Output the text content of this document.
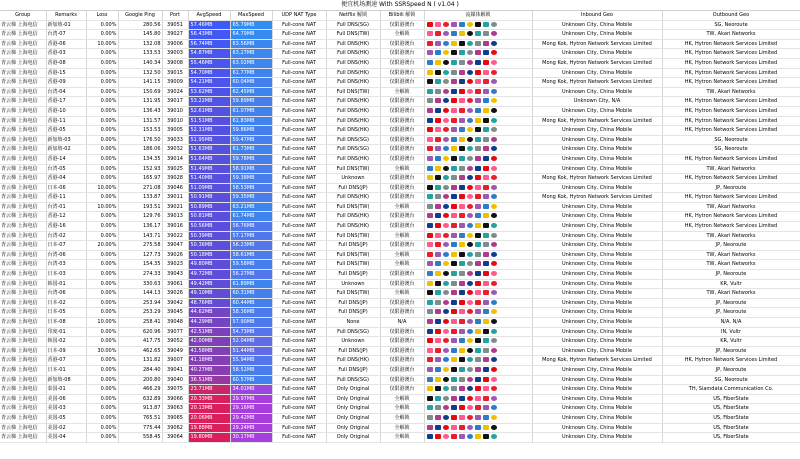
便宜机场测速 With SSRSpeed N ( v1.04 )
Group	Remarks	Loss	Google Ping	Port	AvgSpeed	MaxSpeed	UDP NAT Type	Netflix 解锁	Bilibili 解锁	流媒体解锁	Inbound Geo	Outbound Geo	
青云梯 上海电信	新加坡-01	0.00%	280.56	39051	57.46MB	65.79MB	Full-cone NAT	Full DNS(SG)	仅限港澳台		Unknown City, China Mobile	SG, Neoroute	
青云梯 上海电信	台湾-07	0.00%	145.80	39027	56.43MB	64.79MB	Full-cone NAT	Full DNS(TW)	全解锁		Unknown City, China Mobile	TW, Akari Networks	
青云梯 上海电信	香港-06	10.00%	132.08	39006	56.74MB	63.56MB	Full-cone NAT	Full DNS(HK)	仅限港澳台		Mong Kok, Hytron Network Services Limited	HK, Hytron Network Services Limited	
青云梯 上海电信	香港-03	0.00%	133.53	39003	54.87MB	63.27MB	Full-cone NAT	Full DNS(HK)	仅限港澳台		Unknown City, China Mobile	HK, Hytron Network Services Limited	
青云梯 上海电信	香港-08	0.00%	140.34	39008	55.46MB	63.02MB	Full-cone NAT	Full DNS(HK)	仅限港澳台		Mong Kok, Hytron Network Services Limited	HK, Hytron Network Services Limited	
青云梯 上海电信	香港-15	0.00%	132.50	39015	54.70MB	61.77MB	Full-cone NAT	Full DNS(HK)	仅限港澳台		Unknown City, China Mobile	HK, Hytron Network Services Limited	
青云梯 上海电信	香港-09	0.00%	141.15	39009	54.21MB	60.04MB	Full-cone NAT	Full DNS(HK)	仅限港澳台		Mong Kok, Hytron Network Services Limited	HK, Hytron Network Services Limited	
青云梯 上海电信	台湾-04	0.00%	150.69	39024	53.62MB	62.45MB	Full-cone NAT	Full DNS(TW)	全解锁		Unknown City, China Mobile	TW, Akari Networks	
青云梯 上海电信	香港-17	0.00%	131.95	39017	53.22MB	59.89MB	Full-cone NAT	Full DNS(HK)	仅限港澳台		Unknown City, N/A	HK, Hytron Network Services Limited	
青云梯 上海电信	香港-10	0.00%	136.43	39010	52.61MB	61.07MB	Full-cone NAT	Full DNS(HK)	仅限港澳台		Unknown City, China Mobile	HK, Hytron Network Services Limited	
青云梯 上海电信	香港-11	0.00%	131.57	39010	51.51MB	61.83MB	Full-cone NAT	Full DNS(HK)	仅限港澳台		Mong Kok, Hytron Network Services Limited	HK, Hytron Network Services Limited	
青云梯 上海电信	香港-05	0.00%	153.53	39005	52.31MB	59.86MB	Full-cone NAT	Full DNS(HK)	仅限港澳台		Unknown City, China Mobile	HK, Hytron Network Services Limited	
青云梯 上海电信	新加坡-03	0.00%	176.50	39033	51.95MB	59.47MB	Full-cone NAT	Full DNS(SG)	仅限港澳台		Unknown City, China Mobile	SG, Neoroute	
青云梯 上海电信	新加坡-02	0.00%	186.06	39032	51.63MB	61.73MB	Full-cone NAT	Full DNS(SG)	仅限港澳台		Unknown City, China Mobile	SG, Neoroute	
青云梯 上海电信	香港-14	0.00%	134.35	39014	51.64MB	59.78MB	Full-cone NAT	Full DNS(HK)	仅限港澳台		Unknown City, China Mobile	HK, Hytron Network Services Limited	
青云梯 上海电信	台湾-05	0.00%	152.93	39025	51.49MB	58.91MB	Full-cone NAT	Full DNS(TW)	全解锁		Unknown City, China Mobile	TW, Akari Networks	
青云梯 上海电信	香港-04	0.00%	165.97	39028	51.40MB	59.38MB	Full-cone NAT	Unknown	仅限港澳台		Mong Kok, Hytron Network Services Limited	HK, Hytron Network Services Limited	
青云梯 上海电信	日本-06	10.00%	271.08	39046	51.09MB	58.53MB	Full-cone NAT	Full DNS(JP)	仅限港澳台		Unknown City, China Mobile	JP, Neoroute	
青云梯 上海电信	香港-11	0.00%	133.87	39011	50.91MB	59.35MB	Full-cone NAT	Full DNS(HK)	仅限港澳台		Mong Kok, Hytron Network Services Limited	HK, Hytron Network Services Limited	
青云梯 上海电信	台湾-01	10.00%	193.51	39021	50.89MB	63.21MB	Full-cone NAT	Full DNS(TW)	全解锁		Unknown City, China Mobile	TW, Akari Networks	
青云梯 上海电信	香港-12	0.00%	129.76	39013	50.81MB	61.74MB	Full-cone NAT	Full DNS(HK)	仅限港澳台		Unknown City, China Mobile	HK, Hytron Network Services Limited	
青云梯 上海电信	香港-16	0.00%	136.17	39016	50.56MB	56.76MB	Full-cone NAT	Full DNS(HK)	仅限港澳台		Unknown City, China Mobile	HK, Hytron Network Services Limited	
青云梯 上海电信	台湾-02	0.00%	143.71	39022	50.39MB	57.17MB	Full-cone NAT	Full DNS(TW)	全解锁		Unknown City, China Mobile	TW, Akari Networks	
青云梯 上海电信	日本-07	20.00%	275.58	39047	50.36MB	56.23MB	Full-cone NAT	Full DNS(JP)	仅限港澳台		Unknown City, China Mobile	JP, Neoroute	
青云梯 上海电信	台湾-06	0.00%	127.73	39026	50.18MB	58.61MB	Full-cone NAT	Full DNS(TW)	全解锁		Unknown City, China Mobile	TW, Akari Networks	
青云梯 上海电信	台湾-03	0.00%	154.35	39023	49.80MB	59.58MB	Full-cone NAT	Full DNS(TW)	全解锁		Unknown City, China Mobile	TW, Akari Networks	
青云梯 上海电信	日本-03	0.00%	274.33	39043	49.72MB	56.27MB	Full-cone NAT	Full DNS(JP)	仅限港澳台		Unknown City, China Mobile	JP, Neoroute	
青云梯 上海电信	韩国-01	0.00%	330.63	39061	49.42MB	61.89MB	Full-cone NAT	Unknown	仅限港澳台		Unknown City, China Mobile	KR, Vultr	
青云梯 上海电信	台湾-06	0.00%	144.13	39026	49.10MB	60.31MB	Full-cone NAT	Full DNS(TW)	全解锁		Unknown City, China Mobile	TW, Akari Networks	
青云梯 上海电信	日本-02	0.00%	253.94	39042	48.76MB	60.44MB	Full-cone NAT	Full DNS(JP)	仅限港澳台		Unknown City, China Mobile	JP, Neoroute	
青云梯 上海电信	日本-05	0.00%	253.29	39045	44.62MB	58.36MB	Full-cone NAT	Full DNS(JP)	仅限港澳台		Unknown City, China Mobile	JP, Neoroute	
青云梯 上海电信	日本-08	10.00%	258.41	39048	44.29MB	57.90MB	Full-cone NAT	None	N/A		Unknown City, China Mobile	N/A, N/A	
青云梯 上海电信	印度-01	0.00%	620.96	39077	42.51MB	54.73MB	Full-cone NAT	Full DNS(SG)	仅限港澳台		Unknown City, China Mobile	IN, Vultr	
青云梯 上海电信	韩国-02	0.00%	417.75	39052	42.00MB	52.04MB	Full-cone NAT	Unknown	仅限港澳台		Unknown City, China Mobile	KR, Vultr	
青云梯 上海电信	日本-09	30.00%	462.65	39049	41.58MB	51.44MB	Full-cone NAT	Full DNS(JP)	仅限港澳台		Unknown City, China Mobile	JP, Neoroute	
青云梯 上海电信	香港-07	0.00%	131.82	39007	41.18MB	55.94MB	Full-cone NAT	Full DNS(HK)	仅限港澳台		Mong Kok, Hytron Network Services Limited	HK, Hytron Network Services Limited	
青云梯 上海电信	日本-01	0.00%	284.40	39041	40.27MB	58.52MB	Full-cone NAT	Full DNS(JP)	仅限港澳台		Unknown City, China Mobile	JP, Neoroute	
青云梯 上海电信	新加坡-08	0.00%	200.80	39040	36.51MB	60.57MB	Full-cone NAT	Full DNS(SG)	仅限港澳台		Unknown City, China Mobile	SG, Neoroute	
青云梯 上海电信	泰国-01	0.00%	466.29	39075	23.71MB	34.01MB	Full-cone NAT	Only Original	仅限港澳台		Unknown City, China Mobile	TH, Siamdata Communication Co.	
青云梯 上海电信	美国-06	0.00%	632.89	39066	20.33MB	29.97MB	Full-cone NAT	Only Original	全解锁		Unknown City, China Mobile	US, FiberState	
青云梯 上海电信	美国-03	0.00%	913.87	39063	20.13MB	29.16MB	Full-cone NAT	Only Original	全解锁		Unknown City, China Mobile	US, FiberState	
青云梯 上海电信	美国-05	0.00%	765.51	39065	20.06MB	29.42MB	Full-cone NAT	Only Original	全解锁		Unknown City, China Mobile	US, FiberState	
青云梯 上海电信	美国-02	0.00%	775.44	39062	19.88MB	29.24MB	Full-cone NAT	Only Original	全解锁		Unknown City, China Mobile	US, FiberState	
青云梯 上海电信	美国-04	0.00%	558.45	39064	19.80MB	30.17MB	Full-cone NAT	Only Original	全解锁		Unknown City, China Mobile	US, FiberState	
